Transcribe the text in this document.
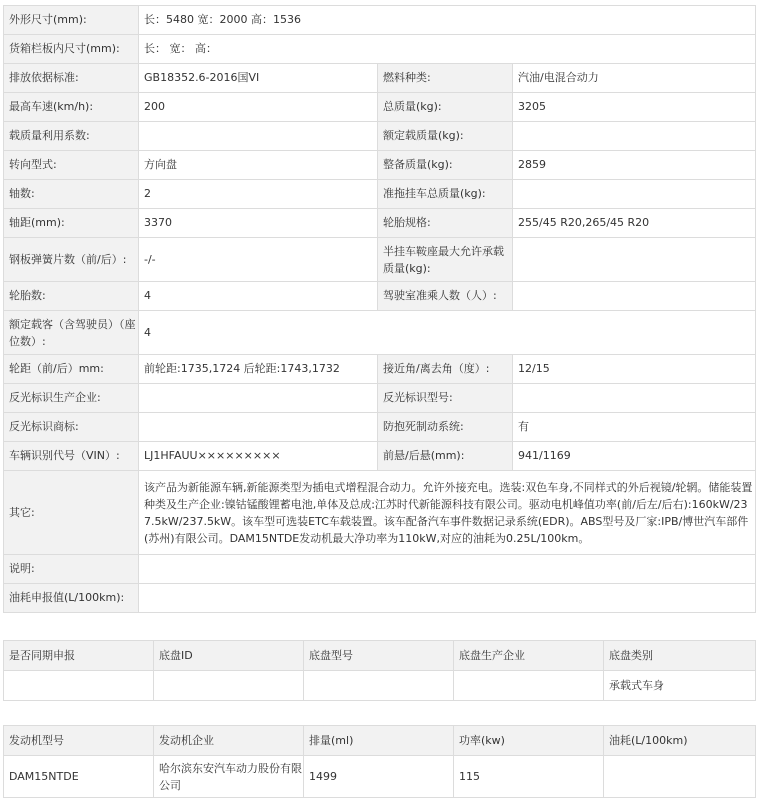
外形尺寸(mm):	长：5480 宽：2000 高：1536		
货箱栏板内尺寸(mm):	长： 宽： 高：		
排放依据标准:	GB18352.6-2016国VI	燃料种类:	汽油/电混合动力
最高车速(km/h):	200	总质量(kg):	3205
载质量利用系数:		额定载质量(kg):	
转向型式:	方向盘	整备质量(kg):	2859
轴数:	2	准拖挂车总质量(kg):	
轴距(mm):	3370	轮胎规格:	255/45 R20,265/45 R20
钢板弹簧片数（前/后）:	-/-	半挂车鞍座最大允许承载质量(kg):	
轮胎数:	4	驾驶室准乘人数（人）:	
额定载客（含驾驶员）（座位数）:	4		
轮距（前/后）mm:	前轮距:1735,1724 后轮距:1743,1732	接近角/离去角（度）:	12/15
反光标识生产企业:		反光标识型号:	
反光标识商标:		防抱死制动系统:	有
车辆识别代号（VIN）:	LJ1HFAUU×××××××××	前悬/后悬(mm):	941/1169
其它:	该产品为新能源车辆,新能源类型为插电式增程混合动力。允许外接充电。选装:双色车身,不同样式的外后视镜/轮辋。储能装置种类及生产企业:镍钴锰酸锂蓄电池,单体及总成:江苏时代新能源科技有限公司。驱动电机峰值功率(前/后左/后右):160kW/237.5kW/237.5kW。该车型可选装ETC车载装置。该车配备汽车事件数据记录系统(EDR)。ABS型号及厂家:IPB/博世汽车部件(苏州)有限公司。DAM15NTDE发动机最大净功率为110kW,对应的油耗为0.25L/100km。		
说明:			
油耗申报值(L/100km):			
是否同期申报	底盘ID	底盘型号	底盘生产企业	底盘类别
				承载式车身
发动机型号	发动机企业	排量(ml)	功率(kw)	油耗(L/100km)
DAM15NTDE	哈尔滨东安汽车动力股份有限公司	1499	115	
